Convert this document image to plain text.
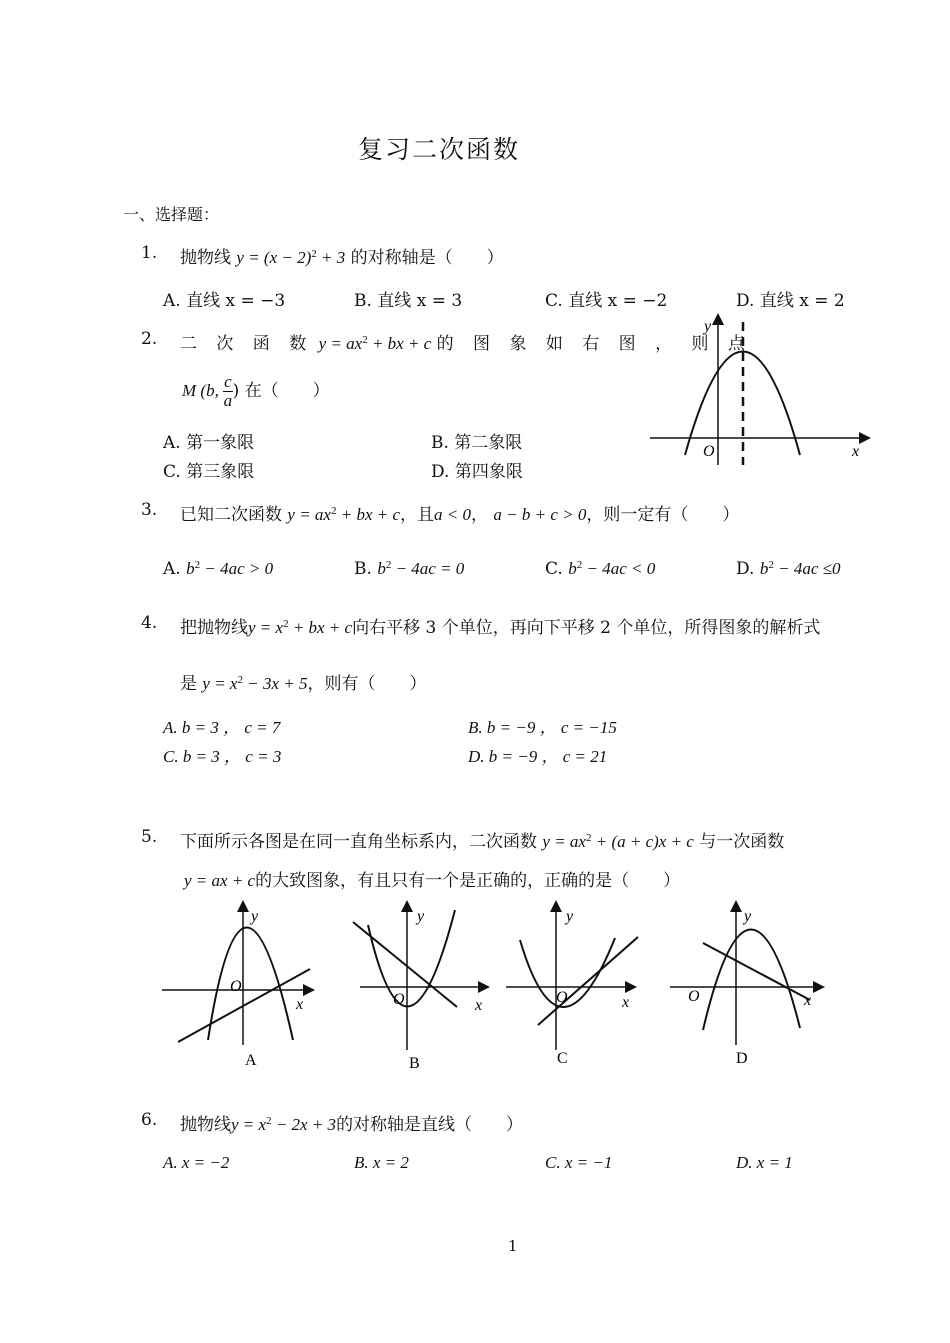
复习二次函数
一、选择题：
1. 抛物线 $y = (x - 2)^2 + 3$ 的对称轴是（　　）
A. 直线 x = −3	B. 直线 x = 3	C. 直线 x = −2	D. 直线 x = 2
2. 二 次 函 数 $y = ax^2$ + bx + c 的 图 象 如 右 图 ， 则 点
M (b, $\frac{c}{a}$ ) 在（　　）
A. 第一象限	B. 第二象限
C. 第三象限	D. 第四象限
y
x
O
3. 已知二次函数 $y = ax^2$ + bx + c，且a < 0， a − b + c > 0，则一定有（　　）
A. $b^2 - 4ac > 0$	B. $b^2 - 4ac = 0$	C. $b^2 - 4ac < 0$	D. $b^2 - 4ac \le 0$
4. 把抛物线$y = x^2$ + bx + c向右平移 3 个单位，再向下平移 2 个单位，所得图象的解析式
是 $y = x^2 - 3x + 5$，则有（　　）
A. b = 3 ， c = 7	B. b = −9 ， c = −15
C. b = 3 ， c = 3	D. b = −9 ， c = 21
5. 下面所示各图是在同一直角坐标系内，二次函数 $y = ax^2 + (a + c)x + c$ 与一次函数
y = ax + c的大致图象，有且只有一个是正确的，正确的是（　　）
y
x
O
A
y
x
O
B
y
x
O
C
y
x
O
D
6. 抛物线$y = x^2 - 2x + 3$的对称轴是直线（　　）
A. x = −2	B. x = 2	C. x = −1	D. x = 1
1
